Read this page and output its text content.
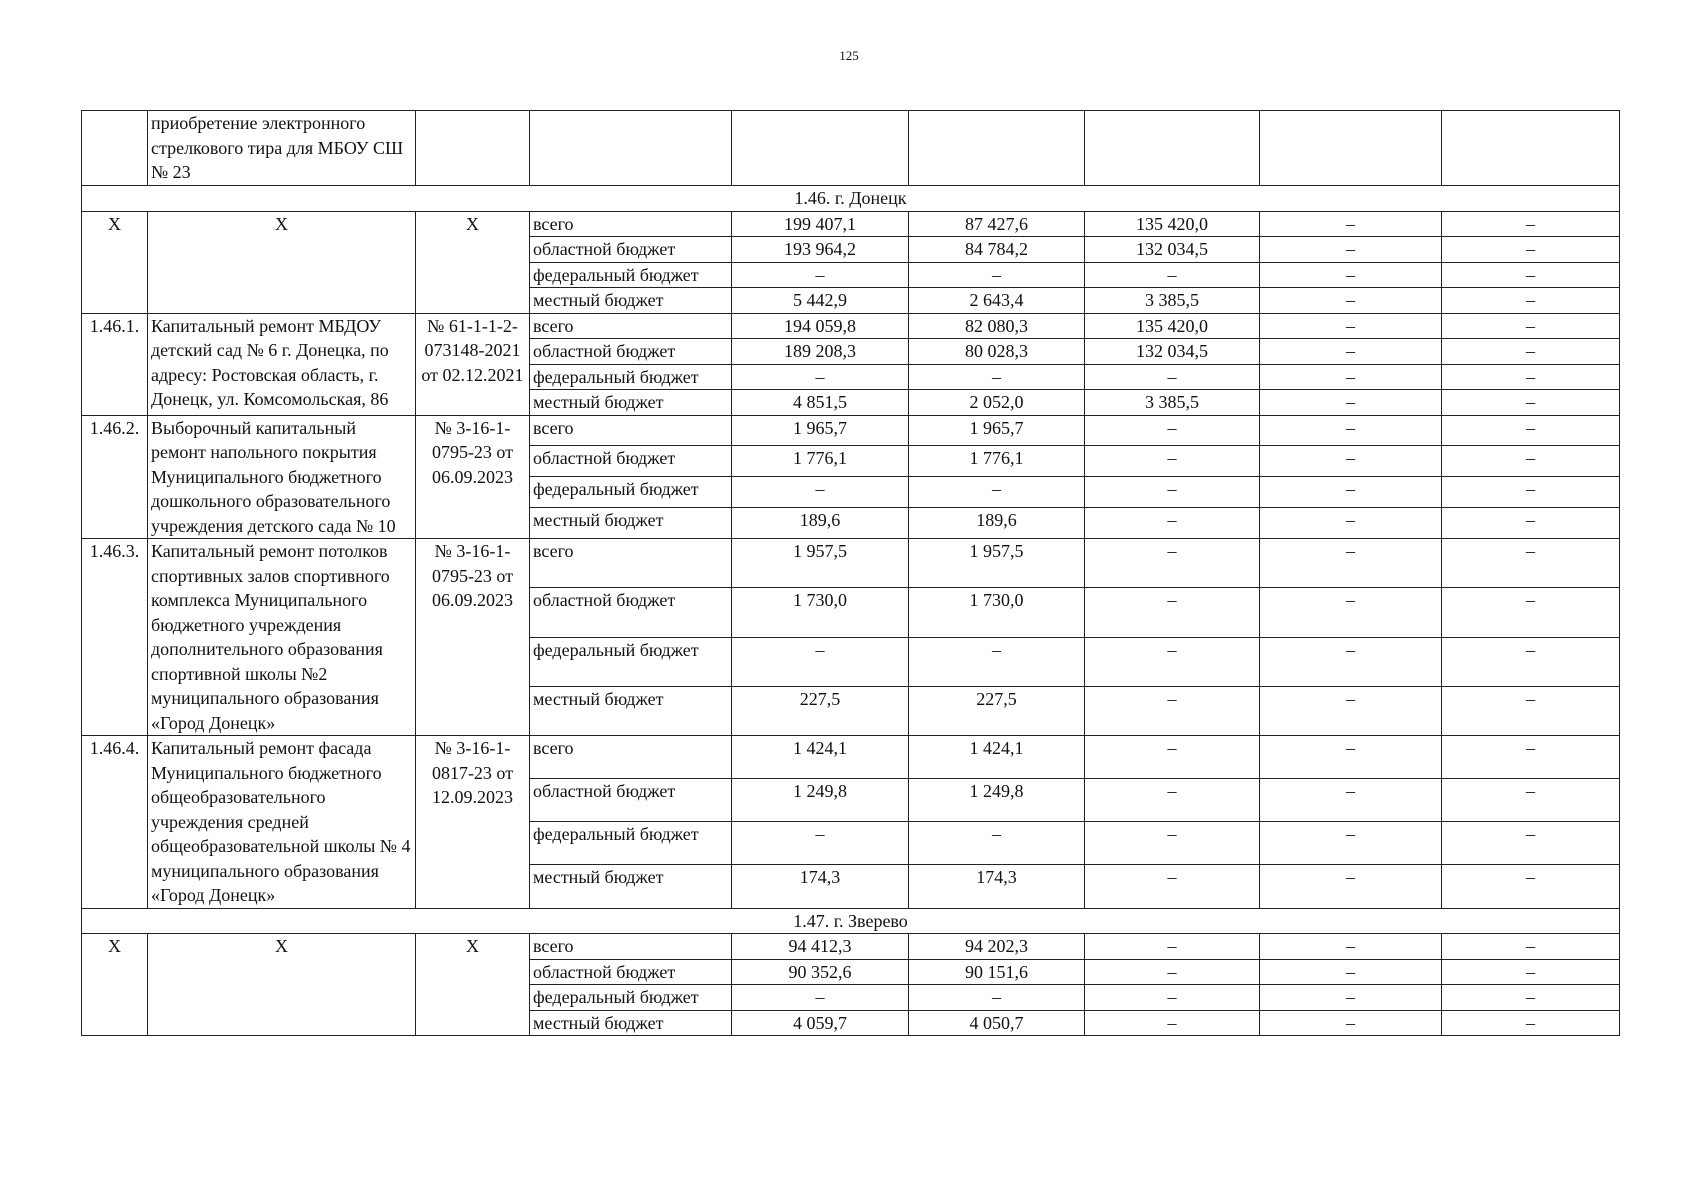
125
	приобретение электронного стрелкового тира для МБОУ СШ № 23							
1.46. г. Донецк								
Х	Х	Х	всего	199 407,1	87 427,6	135 420,0	–	–
			областной бюджет	193 964,2	84 784,2	132 034,5	–	–
			федеральный бюджет	–	–	–	–	–
			местный бюджет	5 442,9	2 643,4	3 385,5	–	–
1.46.1.	Капитальный ремонт МБДОУ детский сад № 6 г. Донецка, по адресу: Ростовская область, г. Донецк, ул. Комсомольская, 86	№ 61-1-1-2-073148-2021 от 02.12.2021	всего	194 059,8	82 080,3	135 420,0	–	–
			областной бюджет	189 208,3	80 028,3	132 034,5	–	–
			федеральный бюджет	–	–	–	–	–
			местный бюджет	4 851,5	2 052,0	3 385,5	–	–
1.46.2.	Выборочный капитальный ремонт напольного покрытия Муниципального бюджетного дошкольного образовательного учреждения детского сада № 10	№ 3-16-1-0795-23 от 06.09.2023	всего	1 965,7	1 965,7	–	–	–
			областной бюджет	1 776,1	1 776,1	–	–	–
			федеральный бюджет	–	–	–	–	–
			местный бюджет	189,6	189,6	–	–	–
1.46.3.	Капитальный ремонт потолков спортивных залов спортивного комплекса Муниципального бюджетного учреждения дополнительного образования спортивной школы №2 муниципального образования «Город Донецк»	№ 3-16-1-0795-23 от 06.09.2023	всего	1 957,5	1 957,5	–	–	–
			областной бюджет	1 730,0	1 730,0	–	–	–
			федеральный бюджет	–	–	–	–	–
			местный бюджет	227,5	227,5	–	–	–
1.46.4.	Капитальный ремонт фасада Муниципального бюджетного общеобразовательного учреждения средней общеобразовательной школы № 4 муниципального образования «Город Донецк»	№ 3-16-1-0817-23 от 12.09.2023	всего	1 424,1	1 424,1	–	–	–
			областной бюджет	1 249,8	1 249,8	–	–	–
			федеральный бюджет	–	–	–	–	–
			местный бюджет	174,3	174,3	–	–	–
1.47. г. Зверево								
Х	Х	Х	всего	94 412,3	94 202,3	–	–	–
			областной бюджет	90 352,6	90 151,6	–	–	–
			федеральный бюджет	–	–	–	–	–
			местный бюджет	4 059,7	4 050,7	–	–	–
